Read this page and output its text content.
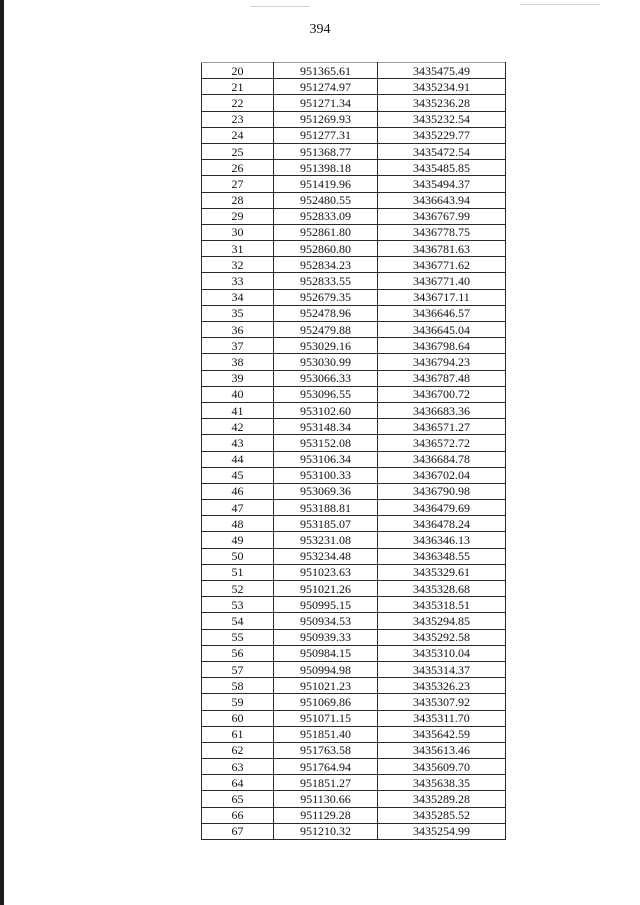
394
20	951365.61	3435475.49
21	951274.97	3435234.91
22	951271.34	3435236.28
23	951269.93	3435232.54
24	951277.31	3435229.77
25	951368.77	3435472.54
26	951398.18	3435485.85
27	951419.96	3435494.37
28	952480.55	3436643.94
29	952833.09	3436767.99
30	952861.80	3436778.75
31	952860.80	3436781.63
32	952834.23	3436771.62
33	952833.55	3436771.40
34	952679.35	3436717.11
35	952478.96	3436646.57
36	952479.88	3436645.04
37	953029.16	3436798.64
38	953030.99	3436794.23
39	953066.33	3436787.48
40	953096.55	3436700.72
41	953102.60	3436683.36
42	953148.34	3436571.27
43	953152.08	3436572.72
44	953106.34	3436684.78
45	953100.33	3436702.04
46	953069.36	3436790.98
47	953188.81	3436479.69
48	953185.07	3436478.24
49	953231.08	3436346.13
50	953234.48	3436348.55
51	951023.63	3435329.61
52	951021.26	3435328.68
53	950995.15	3435318.51
54	950934.53	3435294.85
55	950939.33	3435292.58
56	950984.15	3435310.04
57	950994.98	3435314.37
58	951021.23	3435326.23
59	951069.86	3435307.92
60	951071.15	3435311.70
61	951851.40	3435642.59
62	951763.58	3435613.46
63	951764.94	3435609.70
64	951851.27	3435638.35
65	951130.66	3435289.28
66	951129.28	3435285.52
67	951210.32	3435254.99
